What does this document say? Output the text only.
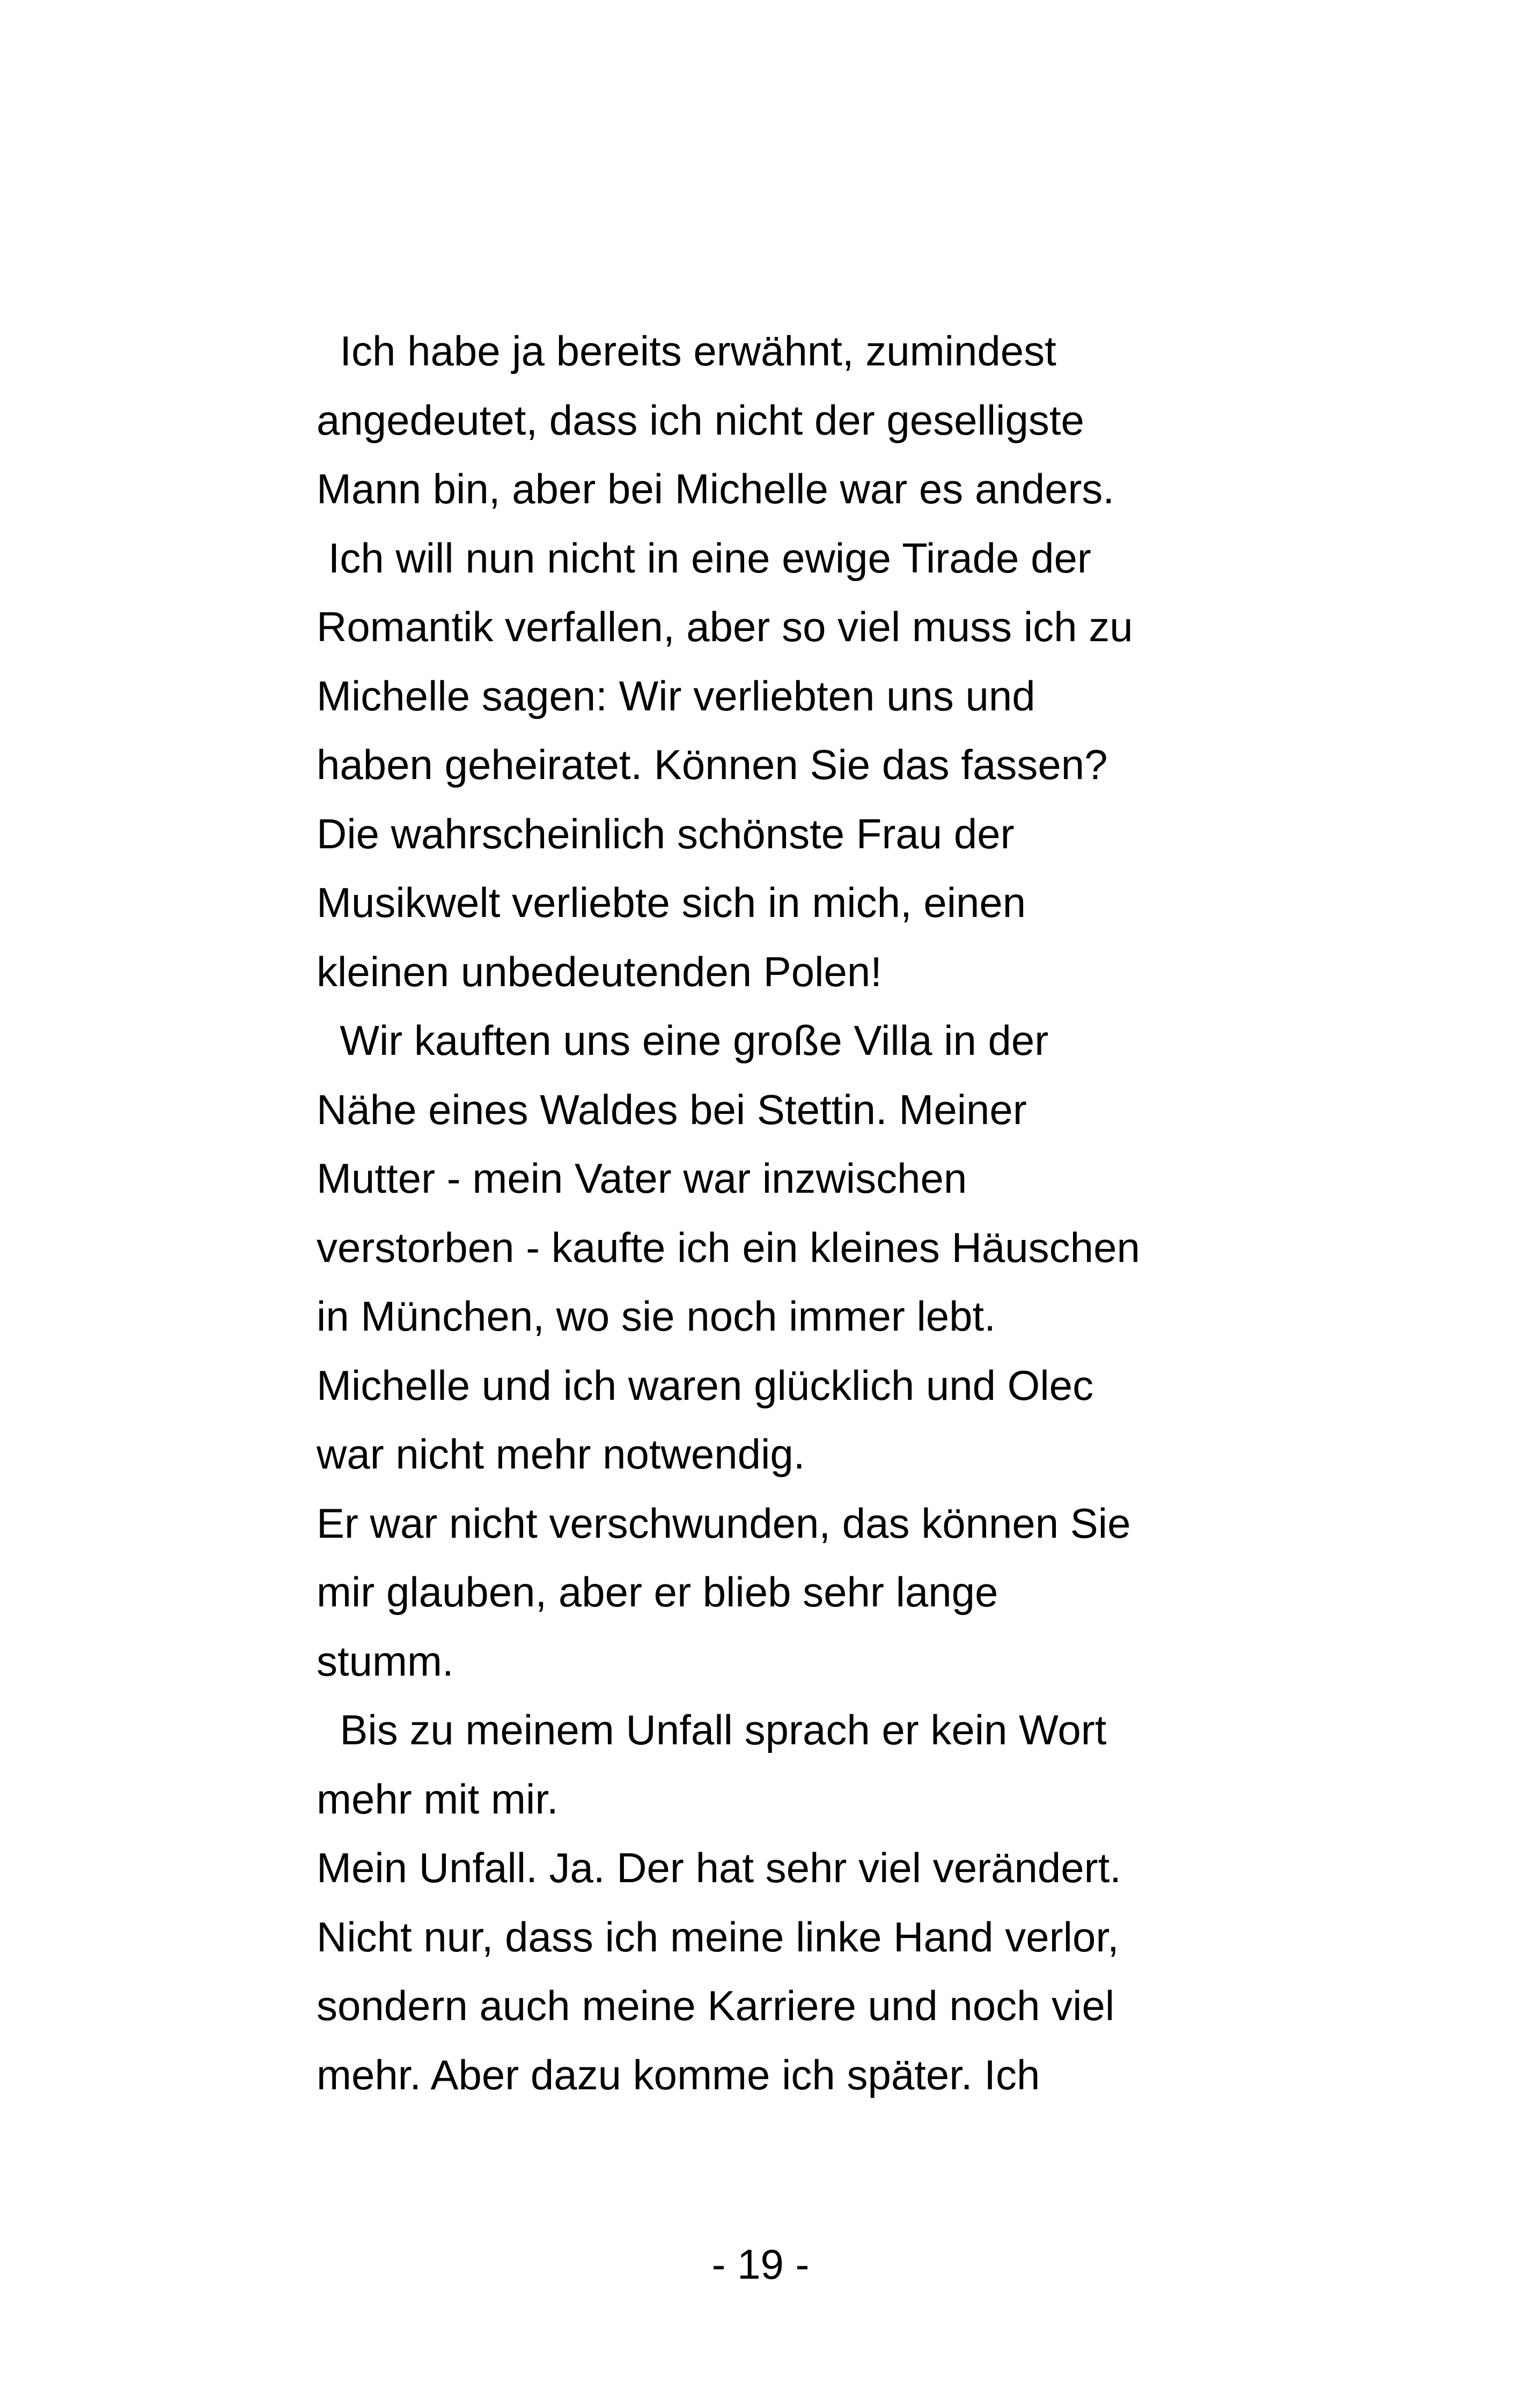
Ich habe ja bereits erwähnt, zumindest
angedeutet, dass ich nicht der geselligste
Mann bin, aber bei Michelle war es anders.
Ich will nun nicht in eine ewige Tirade der
Romantik verfallen, aber so viel muss ich zu
Michelle sagen: Wir verliebten uns und
haben geheiratet. Können Sie das fassen?
Die wahrscheinlich schönste Frau der
Musikwelt verliebte sich in mich, einen
kleinen unbedeutenden Polen!
Wir kauften uns eine große Villa in der
Nähe eines Waldes bei Stettin. Meiner
Mutter - mein Vater war inzwischen
verstorben - kaufte ich ein kleines Häuschen
in München, wo sie noch immer lebt.
Michelle und ich waren glücklich und Olec
war nicht mehr notwendig.
Er war nicht verschwunden, das können Sie
mir glauben, aber er blieb sehr lange
stumm.
Bis zu meinem Unfall sprach er kein Wort
mehr mit mir.
Mein Unfall. Ja. Der hat sehr viel verändert.
Nicht nur, dass ich meine linke Hand verlor,
sondern auch meine Karriere und noch viel
mehr. Aber dazu komme ich später. Ich
- 19 -
